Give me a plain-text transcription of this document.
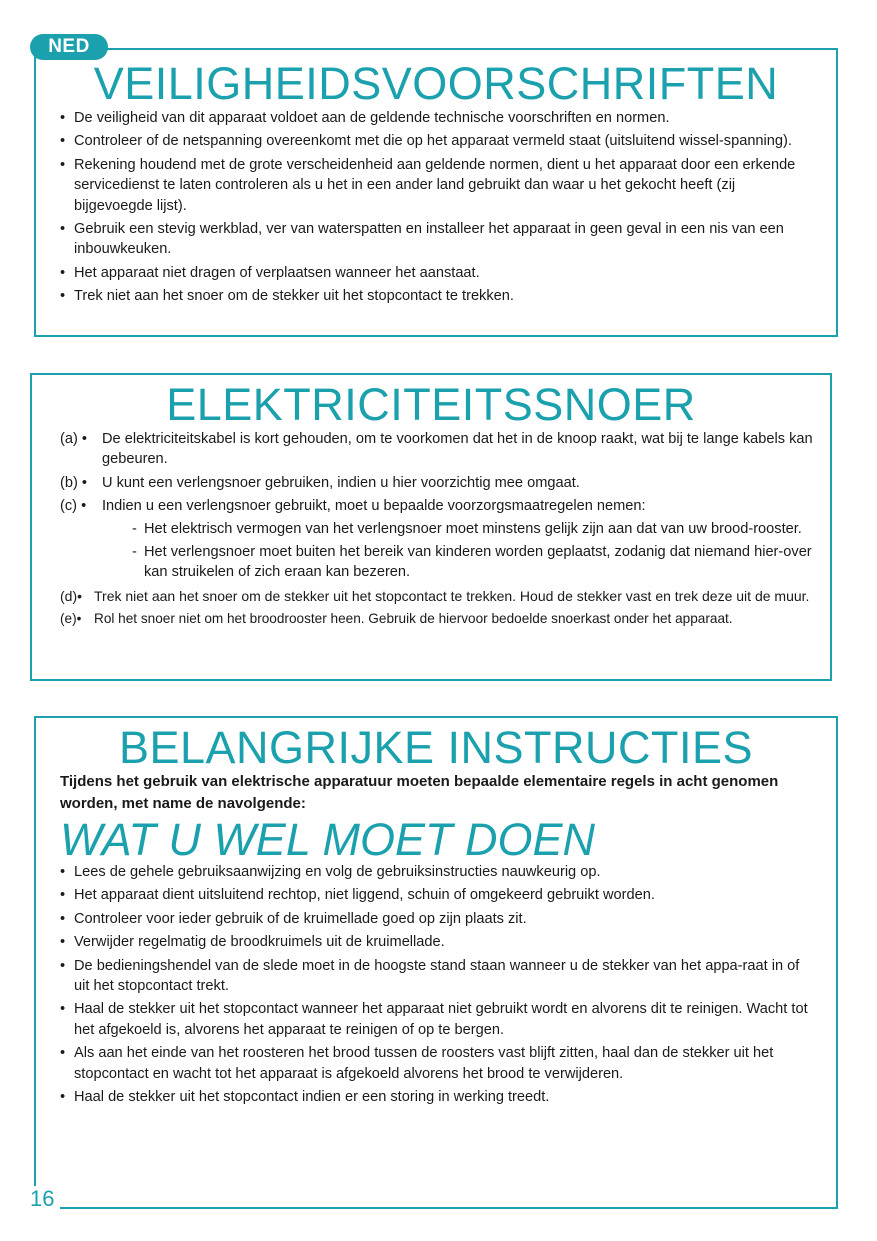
NED
VEILIGHEIDSVOORSCHRIFTEN
• De veiligheid van dit apparaat voldoet aan de geldende technische voorschriften en normen.
• Controleer of de netspanning overeenkomt met die op het apparaat vermeld staat (uitsluitend wissel-spanning).
• Rekening houdend met de grote verscheidenheid aan geldende normen, dient u het apparaat door een erkende servicedienst te laten controleren als u het in een ander land gebruikt dan waar u het gekocht heeft (zij bijgevoegde lijst).
• Gebruik een stevig werkblad, ver van waterspatten en installeer het apparaat in geen geval in een nis van een inbouwkeuken.
• Het apparaat niet dragen of verplaatsen wanneer het aanstaat.
• Trek niet aan het snoer om de stekker uit het stopcontact te trekken.
ELEKTRICITEITSSNOER
(a) • De elektriciteitskabel is kort gehouden, om te voorkomen dat het in de knoop raakt, wat bij te lange kabels kan gebeuren.
(b) • U kunt een verlengsnoer gebruiken, indien u hier voorzichtig mee omgaat.
(c) • Indien u een verlengsnoer gebruikt, moet u bepaalde voorzorgsmaatregelen nemen:
- Het elektrisch vermogen van het verlengsnoer moet minstens gelijk zijn aan dat van uw brood-rooster.
- Het verlengsnoer moet buiten het bereik van kinderen worden geplaatst, zodanig dat niemand hier-over kan struikelen of zich eraan kan bezeren.
(d)• Trek niet aan het snoer om de stekker uit het stopcontact te trekken. Houd de stekker vast en trek deze uit de muur.
(e)• Rol het snoer niet om het broodrooster heen. Gebruik de hiervoor bedoelde snoerkast onder het apparaat.
BELANGRIJKE INSTRUCTIES
Tijdens het gebruik van elektrische apparatuur moeten bepaalde elementaire regels in acht genomen worden, met name de navolgende:
WAT U WEL MOET DOEN
• Lees de gehele gebruiksaanwijzing en volg de gebruiksinstructies nauwkeurig op.
• Het apparaat dient uitsluitend rechtop, niet liggend, schuin of omgekeerd gebruikt worden.
• Controleer voor ieder gebruik of de kruimellade goed op zijn plaats zit.
• Verwijder regelmatig de broodkruimels uit de kruimellade.
• De bedieningshendel van de slede moet in de hoogste stand staan wanneer u de stekker van het appa-raat in of uit het stopcontact trekt.
• Haal de stekker uit het stopcontact wanneer het apparaat niet gebruikt wordt en alvorens dit te reinigen. Wacht tot het afgekoeld is, alvorens het apparaat te reinigen of op te bergen.
• Als aan het einde van het roosteren het brood tussen de roosters vast blijft zitten, haal dan de stekker uit het stopcontact en wacht tot het apparaat is afgekoeld alvorens het brood te verwijderen.
• Haal de stekker uit het stopcontact indien er een storing in werking treedt.
16
